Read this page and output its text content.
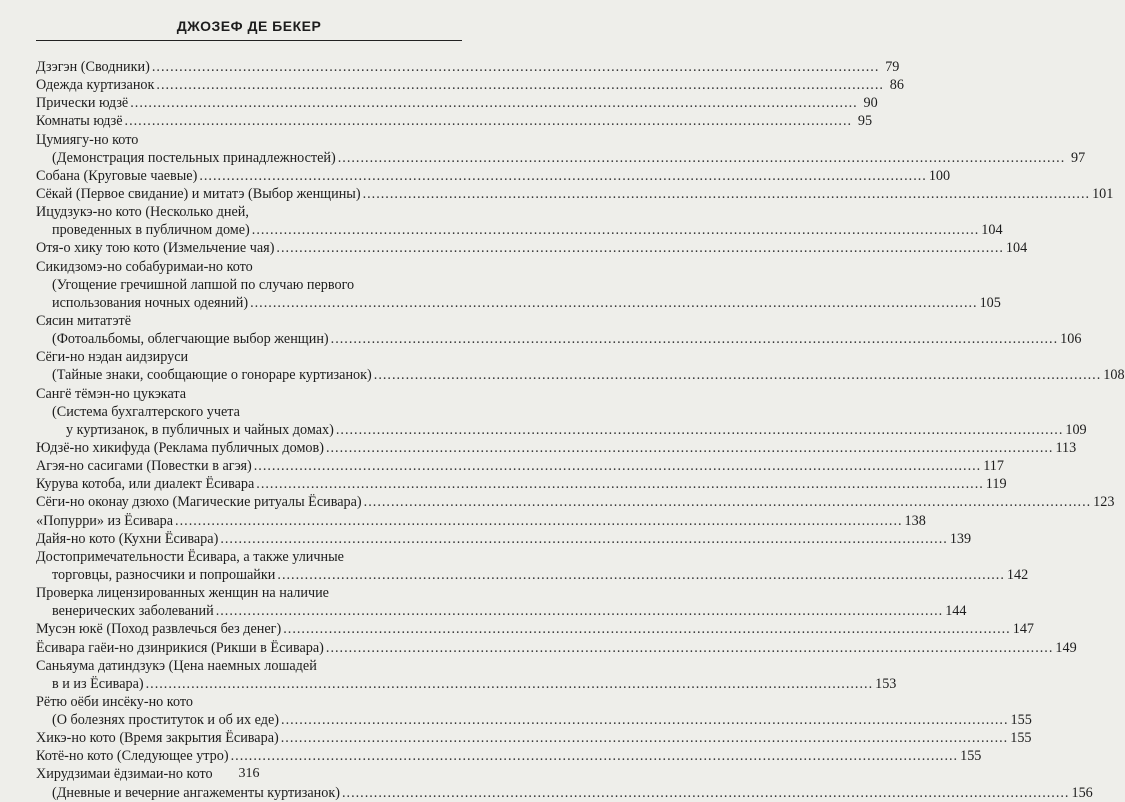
ДЖОЗЕФ ДЕ БЕКЕР
Дзэгэн (Сводники) ................................................................................................................................................................ 79
Одежда куртизанок ................................................................................................................................................................ 86
Прически юдзё ................................................................................................................................................................ 90
Комнаты юдзё ................................................................................................................................................................ 95
Цумиягу-но кото
(Демонстрация постельных принадлежностей) ................................................................................................................................................................ 97
Собана (Круговые чаевые) ................................................................................................................................................................ 100
Сёкай (Первое свидание) и митатэ (Выбор женщины) ................................................................................................................................................................ 101
Ицудзукэ-но кото (Несколько дней,
проведенных в публичном доме) ................................................................................................................................................................ 104
Отя-о хику тою кото (Измельчение чая) ................................................................................................................................................................ 104
Сикидзомэ-но собабуримаи-но кото
(Угощение гречишной лапшой по случаю первого
использования ночных одеяний) ................................................................................................................................................................ 105
Сясин митатэтё
(Фотоальбомы, облегчающие выбор женщин) ................................................................................................................................................................ 106
Сёги-но нэдан аидзируси
(Тайные знаки, сообщающие о гонораре куртизанок) ................................................................................................................................................................ 108
Сангё тёмэн-но цукэката
(Система бухгалтерского учета
у куртизанок, в публичных и чайных домах) ................................................................................................................................................................ 109
Юдзё-но хикифуда (Реклама публичных домов) ................................................................................................................................................................ 113
Агэя-но сасигами (Повестки в агэя) ................................................................................................................................................................ 117
Курува котоба, или диалект Ёсивара ................................................................................................................................................................ 119
Сёги-но оконау дзюхо (Магические ритуалы Ёсивара) ................................................................................................................................................................ 123
«Попурри» из Ёсивара ................................................................................................................................................................ 138
Дайя-но кото (Кухни Ёсивара) ................................................................................................................................................................ 139
Достопримечательности Ёсивара, а также уличные
торговцы, разносчики и попрошайки ................................................................................................................................................................ 142
Проверка лицензированных женщин на наличие
венерических заболеваний ................................................................................................................................................................ 144
Мусэн юкё (Поход развлечься без денег) ................................................................................................................................................................ 147
Ёсивара гаёи-но дзинрикися (Рикши в Ёсивара) ................................................................................................................................................................ 149
Саньяума датиндзукэ (Цена наемных лошадей
в и из Ёсивара) ................................................................................................................................................................ 153
Рётю оёби инсёку-но кото
(О болезнях проституток и об их еде) ................................................................................................................................................................ 155
Хикэ-но кото (Время закрытия Ёсивара) ................................................................................................................................................................ 155
Котё-но кото (Следующее утро) ................................................................................................................................................................ 155
Хирудзимаи ёдзимаи-но кото
(Дневные и вечерние ангажементы куртизанок) ................................................................................................................................................................ 156
316
